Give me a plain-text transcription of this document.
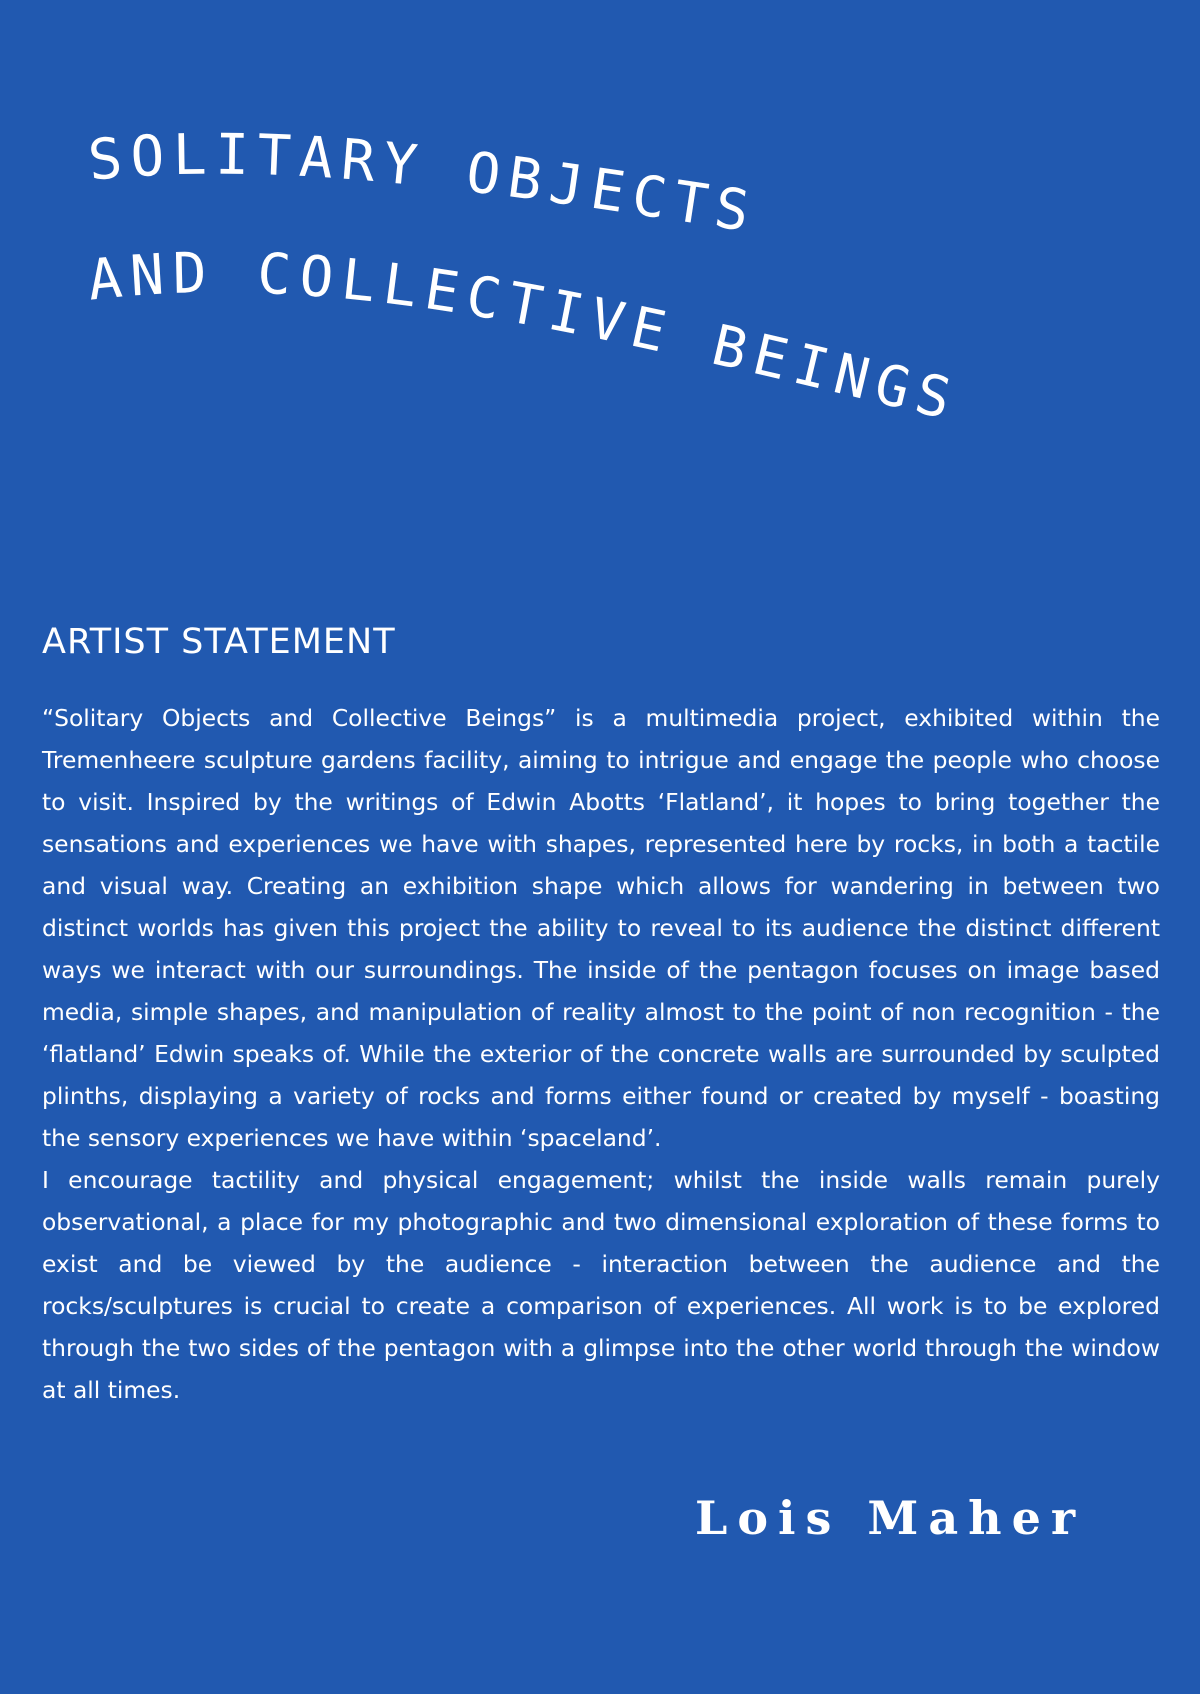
SOLITARY OBJECTS
AND COLLECTIVE BEINGS
ARTIST STATEMENT

“Solitary Objects and Collective Beings” is a multimedia project, exhibited within the Tremenheere sculpture gardens facility, aiming to intrigue and engage the people who choose to visit. Inspired by the writings of Edwin Abotts ‘Flatland’, it hopes to bring together the sensations and experiences we have with shapes, represented here by rocks, in both a tactile and visual way. Creating an exhibition shape which allows for wandering in between two distinct worlds has given this project the ability to reveal to its audience the distinct different ways we interact with our surroundings. The inside of the pentagon focuses on image based media, simple shapes, and manipulation of reality almost to the point of non recognition - the ‘flatland’ Edwin speaks of. While the exterior of the concrete walls are surrounded by sculpted plinths, displaying a variety of rocks and forms either found or created by myself - boasting the sensory experiences we have within ‘spaceland’.

I encourage tactility and physical engagement; whilst the inside walls remain purely observational, a place for my photographic and two dimensional exploration of these forms to exist and be viewed by the audience - interaction between the audience and the rocks/sculptures is crucial to create a comparison of experiences. All work is to be explored through the two sides of the pentagon with a glimpse into the other world through the window at all times.

Lois Maher
